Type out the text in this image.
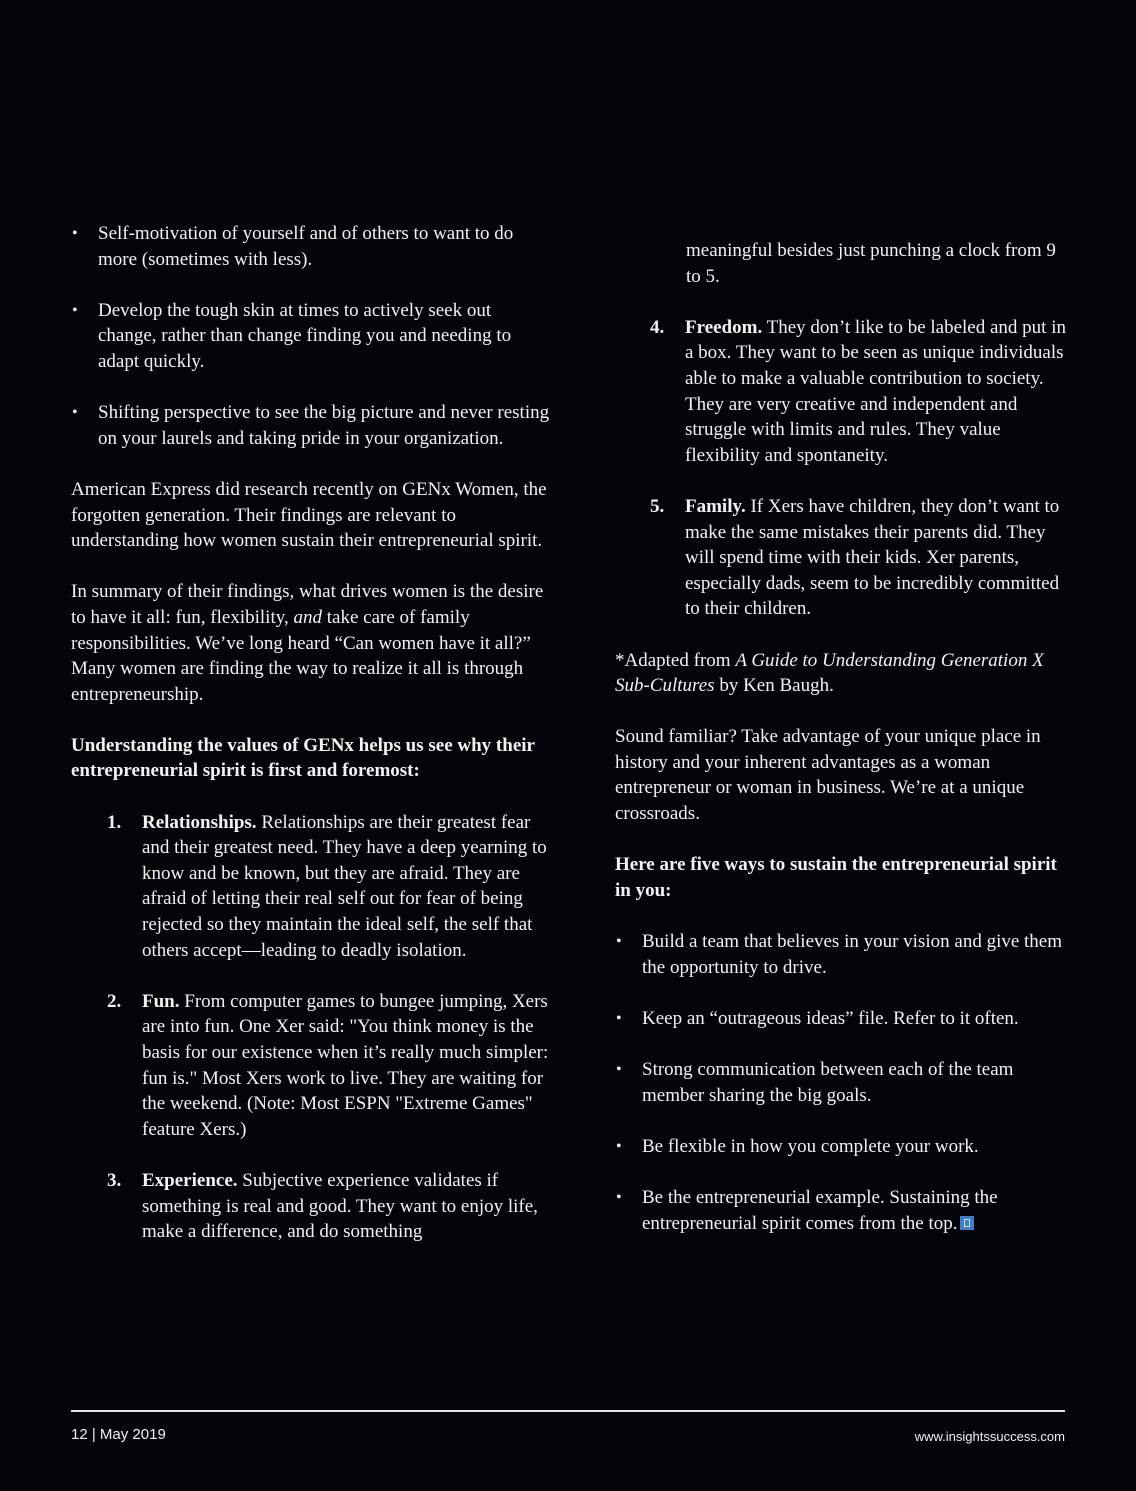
• Self-motivation of yourself and of others to want to do more (sometimes with less).
• Develop the tough skin at times to actively seek out change, rather than change finding you and needing to adapt quickly.
• Shifting perspective to see the big picture and never resting on your laurels and taking pride in your organization.

American Express did research recently on GENx Women, the forgotten generation. Their findings are relevant to understanding how women sustain their entrepreneurial spirit.

In summary of their findings, what drives women is the desire to have it all: fun, flexibility, and take care of family responsibilities. We’ve long heard “Can women have it all?” Many women are finding the way to realize it all is through entrepreneurship.

Understanding the values of GENx helps us see why their entrepreneurial spirit is first and foremost:

1. Relationships. Relationships are their greatest fear and their greatest need. They have a deep yearning to know and be known, but they are afraid. They are afraid of letting their real self out for fear of being rejected so they maintain the ideal self, the self that others accept—leading to deadly isolation.
2. Fun. From computer games to bungee jumping, Xers are into fun. One Xer said: "You think money is the basis for our existence when it’s really much simpler: fun is." Most Xers work to live. They are waiting for the weekend. (Note: Most ESPN "Extreme Games" feature Xers.)
3. Experience. Subjective experience validates if something is real and good. They want to enjoy life, make a difference, and do something

meaningful besides just punching a clock from 9 to 5.

4. Freedom. They don’t like to be labeled and put in a box. They want to be seen as unique individuals able to make a valuable contribution to society. They are very creative and independent and struggle with limits and rules. They value flexibility and spontaneity.
5. Family. If Xers have children, they don’t want to make the same mistakes their parents did. They will spend time with their kids. Xer parents, especially dads, seem to be incredibly committed to their children.

*Adapted from A Guide to Understanding Generation X Sub-Cultures by Ken Baugh.

Sound familiar? Take advantage of your unique place in history and your inherent advantages as a woman entrepreneur or woman in business. We’re at a unique crossroads.

Here are five ways to sustain the entrepreneurial spirit in you:

• Build a team that believes in your vision and give them the opportunity to drive.
• Keep an “outrageous ideas” file. Refer to it often.
• Strong communication between each of the team member sharing the big goals.
• Be flexible in how you complete your work.
• Be the entrepreneurial example. Sustaining the entrepreneurial spirit comes from the top.
12 | May 2019	www.insightssuccess.com
